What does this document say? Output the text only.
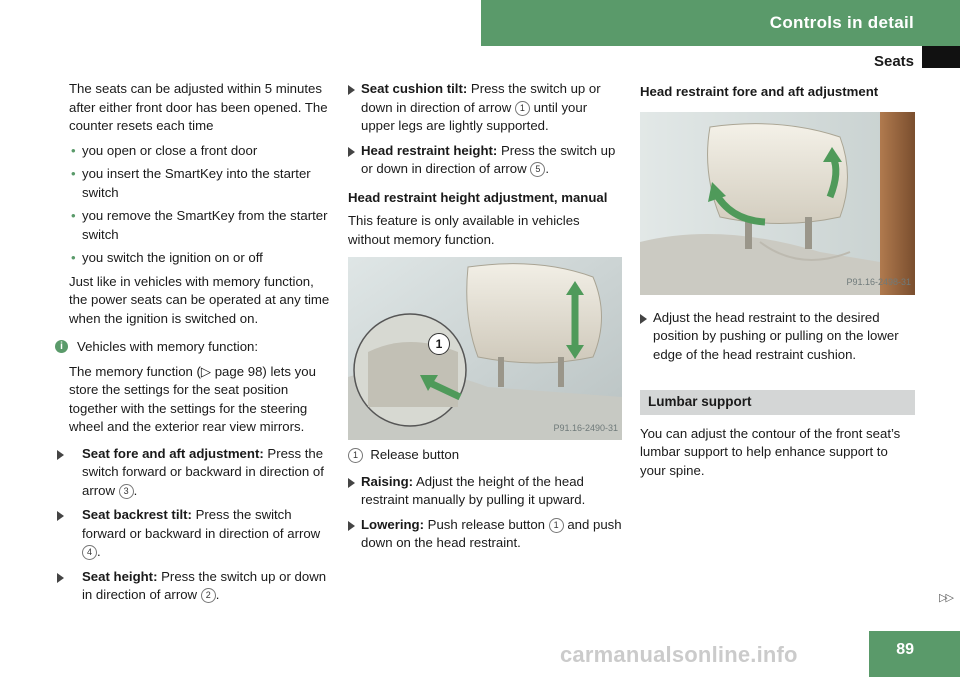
Controls in detail
Seats

The seats can be adjusted within 5 minutes after either front door has been opened. The counter resets each time

• you open or close a front door
• you insert the SmartKey into the starter switch
• you remove the SmartKey from the starter switch
• you switch the ignition on or off

Just like in vehicles with memory function, the power seats can be operated at any time when the ignition is switched on.

i	Vehicles with memory function:

The memory function (▷ page 98) lets you store the settings for the seat position together with the settings for the steering wheel and the exterior rear view mirrors.

Seat fore and aft adjustment: Press the switch forward or backward in direction of arrow 3 .
Seat backrest tilt: Press the switch forward or backward in direction of arrow 4 .
Seat height: Press the switch up or down in direction of arrow 2 .
Seat cushion tilt: Press the switch up or down in direction of arrow 1 until your upper legs are lightly supported.
Head restraint height: Press the switch up or down in direction of arrow 5 .
Head restraint height adjustment, manual

This feature is only available in vehicles without memory function.

1
P91.16-2490-31

1 Release button

Raising: Adjust the height of the head restraint manually by pulling it upward.
Lowering: Push release button 1 and push down on the head restraint.
Head restraint fore and aft adjustment
P91.16-2498-31
Adjust the head restraint to the desired position by pushing or pulling on the lower edge of the head restraint cushion.
Lumbar support

You can adjust the contour of the front seat’s lumbar support to help enhance support to your spine.

▷▷
carmanualsonline.info	89
